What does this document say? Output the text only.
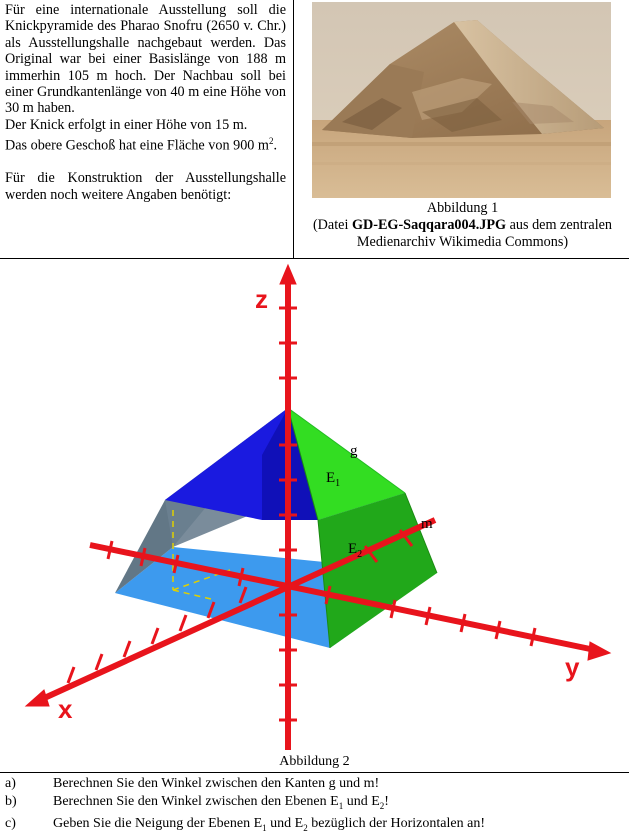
Für eine internationale Ausstellung soll die Knickpyramide des Pharao Snofru (2650 v. Chr.) als Ausstellungshalle nachgebaut werden. Das Original war bei einer Basislänge von 188 m immerhin 105 m hoch. Der Nachbau soll bei einer Grundkantenlänge von 40 m eine Höhe von 30 m haben.

Der Knick erfolgt in einer Höhe von 15 m.

Das obere Geschoß hat eine Fläche von 900 $m^2$.

Für die Konstruktion der Ausstellungshalle werden noch weitere Angaben benötigt:

Abbildung 1
(Datei GD-EG-Saqqara004.JPG aus dem zentralen Medienarchiv Wikimedia Commons)
z
y
x
g
m
$E_1$
$E_2$
Abbildung 2
a)	Berechnen Sie den Winkel zwischen den Kanten g und m!
b)	Berechnen Sie den Winkel zwischen den Ebenen $E_1$ und $E_2$!
c)	Geben Sie die Neigung der Ebenen $E_1$ und $E_2$ bezüglich der Horizontalen an!
